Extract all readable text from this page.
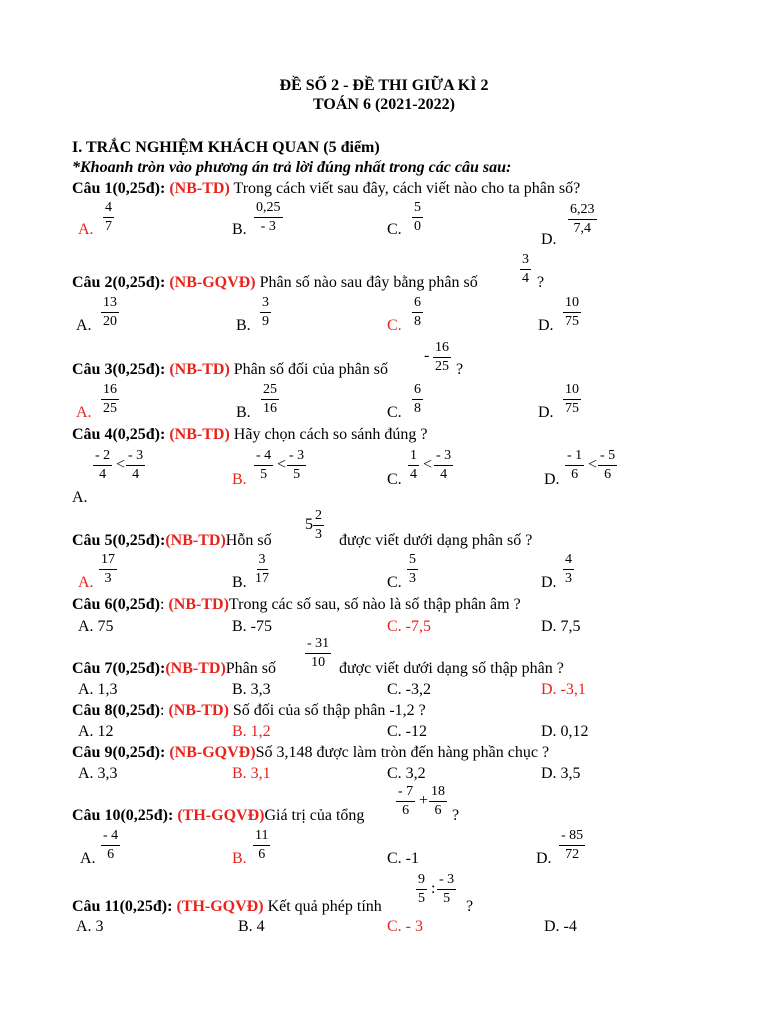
ĐỀ SỐ 2 - ĐỀ THI GIỮA KÌ 2
TOÁN 6 (2021-2022)
I. TRẮC NGHIỆM KHÁCH QUAN (5 điểm)
*Khoanh tròn vào phương án trả lời đúng nhất trong các câu sau:
Câu 1(0,25đ): (NB-TD) Trong cách viết sau đây, cách viết nào cho ta phân số?
A. $\frac{4}{7}$	B. $\frac{0,25}{- 3}$	C. $\frac{5}{0}$
D.
$\frac{6,23}{7,4}$
Câu 2(0,25đ): (NB-GQVĐ) Phân số nào sau đây bằng phân số	$\frac{3}{4}$ ?
A. $\frac{13}{20}$	B. $\frac{3}{9}$	C. $\frac{6}{8}$	D. $\frac{10}{75}$
Câu 3(0,25đ): (NB-TD) Phân số đối của phân số
- $\frac{16}{25}$ ?
A. $\frac{16}{25}$	B. $\frac{25}{16}$	C. $\frac{6}{8}$	D. $\frac{10}{75}$
Câu 4(0,25đ): (NB-TD) Hãy chọn cách so sánh đúng ?
$\frac{- 2}{4} < \frac{- 3}{4}$
A.
B. $\frac{- 4}{5} < \frac{- 3}{5}$	C. $\frac{1}{4} < \frac{- 3}{4}$	D. $\frac{- 1}{6} < \frac{- 5}{6}$
Câu 5(0,25đ):(NB-TD)Hỗn số
$5 \frac{2}{3}$ được viết dưới dạng phân số ?
A. $\frac{17}{3}$	B. $\frac{3}{17}$	C. $\frac{5}{3}$	D. $\frac{4}{3}$
Câu 6(0,25đ): (NB-TD)Trong các số sau, số nào là số thập phân âm ?
A. 75	B. -75	C. -7,5	D. 7,5
Câu 7(0,25đ):(NB-TD)Phân số $\frac{- 31}{10}$ được viết dưới dạng số thập phân ?
A. 1,3	B. 3,3	C. -3,2	D. -3,1
Câu 8(0,25đ): (NB-TD) Số đối của số thập phân -1,2 ?
A. 12	B. 1,2	C. -12	D. 0,12
Câu 9(0,25đ): (NB-GQVĐ)Số 3,148 được làm tròn đến hàng phần chục ?
A. 3,3	B. 3,1	C. 3,2	D. 3,5
Câu 10(0,25đ): (TH-GQVĐ)Giá trị của tổng $\frac{- 7}{6} + \frac{18}{6}$ ?
A. $\frac{- 4}{6}$	B. $\frac{11}{6}$	C. -1	D. $\frac{- 85}{72}$
Câu 11(0,25đ): (TH-GQVĐ) Kết quả phép tính $\frac{9}{5}$ : $\frac{- 3}{5}$ ?
A. 3	B. 4	C. - 3	D. -4
